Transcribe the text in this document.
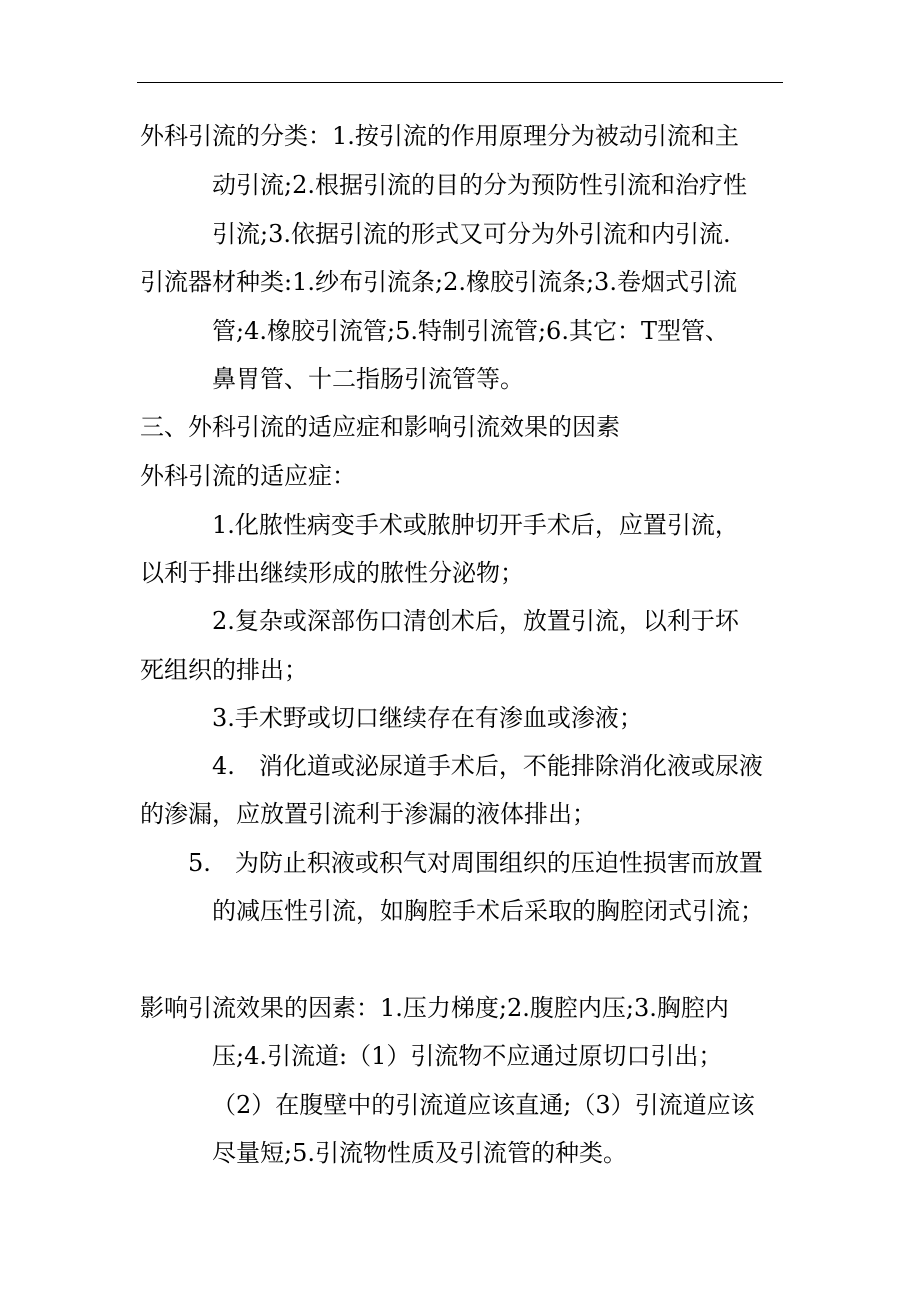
外科引流的分类：1.按引流的作用原理分为被动引流和主
动引流;2.根据引流的目的分为预防性引流和治疗性
引流;3.依据引流的形式又可分为外引流和内引流.
引流器材种类:1.纱布引流条;2.橡胶引流条;3.卷烟式引流
管;4.橡胶引流管;5.特制引流管;6.其它：T型管、
鼻胃管、十二指肠引流管等。
三、外科引流的适应症和影响引流效果的因素
外科引流的适应症：
1.化脓性病变手术或脓肿切开手术后，应置引流，
以利于排出继续形成的脓性分泌物；
2.复杂或深部伤口清创术后，放置引流，以利于坏
死组织的排出；
3.手术野或切口继续存在有渗血或渗液；
4.　消化道或泌尿道手术后，不能排除消化液或尿液
的渗漏，应放置引流利于渗漏的液体排出；
5.　为防止积液或积气对周围组织的压迫性损害而放置
的减压性引流，如胸腔手术后采取的胸腔闭式引流；
影响引流效果的因素：1.压力梯度;2.腹腔内压;3.胸腔内
压;4.引流道:（1）引流物不应通过原切口引出；
（2）在腹壁中的引流道应该直通;（3）引流道应该
尽量短;5.引流物性质及引流管的种类。
